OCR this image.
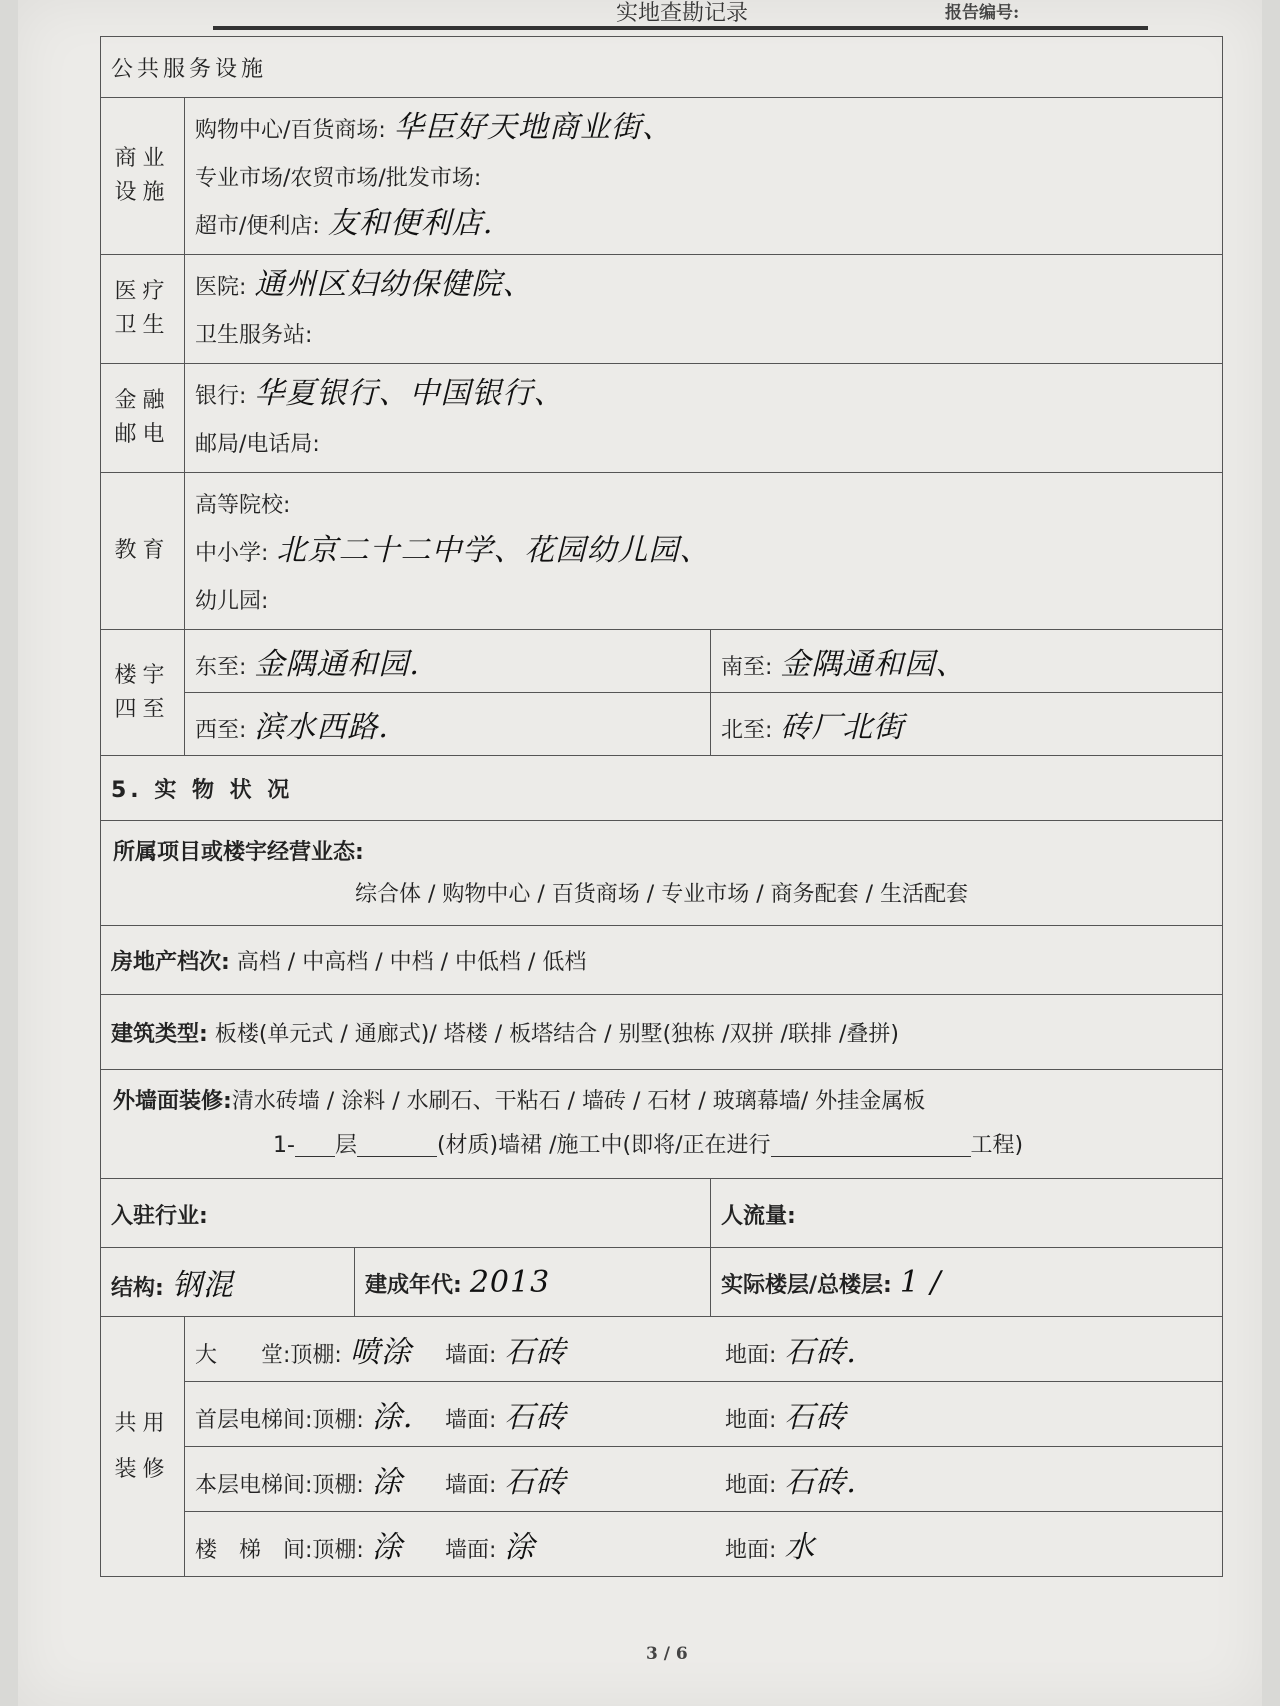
实地查勘记录	报告编号:
公共服务设施			
商业设施	购物中心/百货商场: 华臣好天地商业街、
专业市场/农贸市场/批发市场:
超市/便利店: 友和便利店.		

医疗卫生	医院: 通州区妇幼保健院、
卫生服务站:		

金融邮电	银行: 华夏银行、中国银行、
邮局/电话局:		

教育	高等院校:
中小学: 北京二十二中学、花园幼儿园、
幼儿园:		

楼宇四至	东至: 金隅通和园.		南至: 金隅通和园、
	西至: 滨水西路.		北至: 砖厂北街
5. 实 物 状 况			

所属项目或楼宇经营业态:
综合体 / 购物中心 / 百货商场 / 专业市场 / 商务配套 / 生活配套			

房地产档次: 高档 / 中高档 / 中档 / 中低档 / 低档			
建筑类型: 板楼(单元式 / 通廊式)/ 塔楼 / 板塔结合 / 别墅(独栋 /双拼 /联排 /叠拼)			

外墙面装修:清水砖墙 / 涂料 / 水刷石、干粘石 / 墙砖 / 石材 / 玻璃幕墙/ 外挂金属板
1- 层 (材质)墙裙 /施工中(即将/正在进行 工程)			

入驻行业:			人流量:
结构: 钢混		建成年代: 2013	实际楼层/总楼层: 1 /
共用装修	大　　堂:顶棚: 喷涂 墙面: 石砖 地面: 石砖.		

	首层电梯间:顶棚: 涂. 墙面: 石砖 地面: 石砖		

	本层电梯间:顶棚: 涂 墙面: 石砖 地面: 石砖.		

	楼　梯　间:顶棚: 涂 墙面: 涂 地面: 水		
3 / 6
